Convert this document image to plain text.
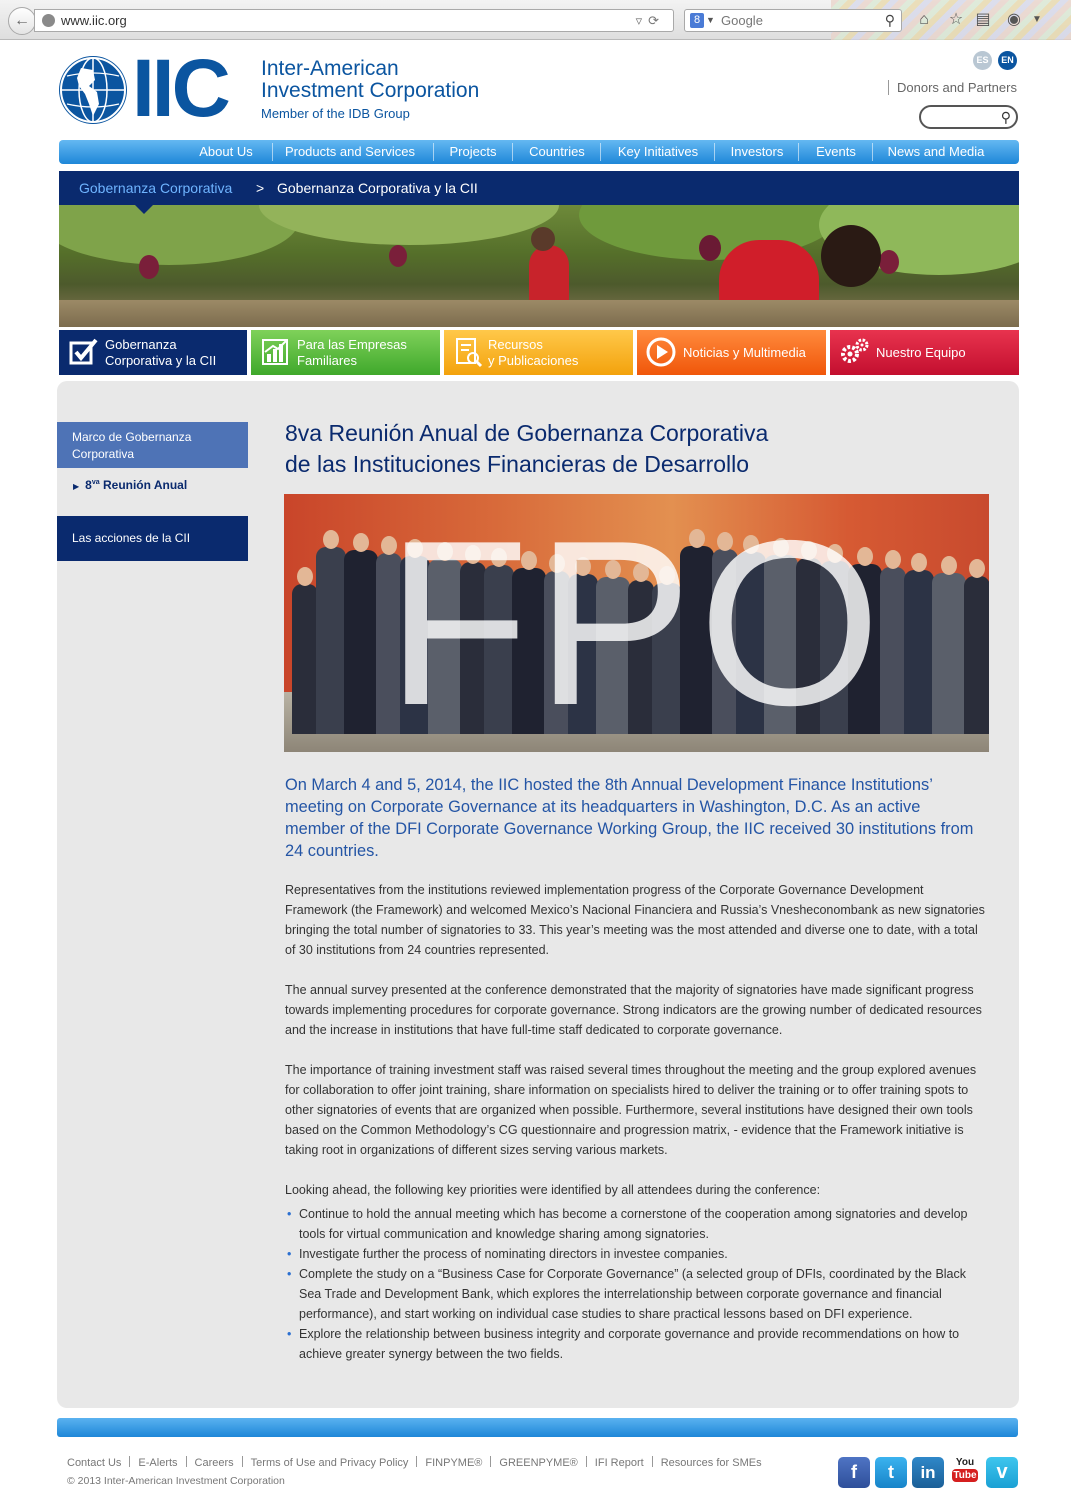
←	www.iic.org	▿⟳	8 ▼ Google	⚲	⌂	☆ ▤ ◉	▼
IIC Inter-American
Investment Corporation
Member of the IDB Group
ES	EN
Donors and Partners
⚲
About Us	Products and Services	Projects	Countries	Key Initiatives	Investors	Events	News and Media
Gobernanza Corporativa > Gobernanza Corporativa y la CII
Gobernanza
Corporativa y la CII
Para las Empresas
Familiares
Recursos
y Publicaciones
Noticias y Multimedia	Nuestro Equipo
Marco de Gobernanza Corporativa
▶ $8^{va}$ Reunión Anual
Las acciones de la CII
8va Reunión Anual de Gobernanza Corporativa
de las Instituciones Financieras de Desarrollo
FPO
On March 4 and 5, 2014, the IIC hosted the 8th Annual Development Finance Institutions’ meeting on Corporate Governance at its headquarters in Washington, D.C. As an active member of the DFI Corporate Governance Working Group, the IIC received 30 institutions from 24 countries.
Representatives from the institutions reviewed implementation progress of the Corporate Governance Development Framework (the Framework) and welcomed Mexico’s Nacional Financiera and Russia’s Vnesheconombank as new signatories bringing the total number of signatories to 33. This year’s meeting was the most attended and diverse one to date, with a total of 30 institutions from 24 countries represented.
The annual survey presented at the conference demonstrated that the majority of signatories have made significant progress towards implementing procedures for corporate governance. Strong indicators are the growing number of dedicated resources and the increase in institutions that have full-time staff dedicated to corporate governance.
The importance of training investment staff was raised several times throughout the meeting and the group explored avenues for collaboration to offer joint training, share information on specialists hired to deliver the training or to offer training spots to other signatories of events that are organized when possible. Furthermore, several institutions have designed their own tools based on the Common Methodology’s CG questionnaire and progression matrix, - evidence that the Framework initiative is taking root in organizations of different sizes serving various markets.
Looking ahead, the following key priorities were identified by all attendees during the conference:
• Continue to hold the annual meeting which has become a cornerstone of the cooperation among signatories and develop tools for virtual communication and knowledge sharing among signatories.
• Investigate further the process of nominating directors in investee companies.
• Complete the study on a “Business Case for Corporate Governance” (a selected group of DFIs, coordinated by the Black Sea Trade and Development Bank, which explores the interrelationship between corporate governance and financial performance), and start working on individual case studies to share practical lessons based on DFI experience.
• Explore the relationship between business integrity and corporate governance and provide recommendations on how to achieve greater synergy between the two fields.
Contact Us E-Alerts Careers Terms of Use and Privacy Policy FINPYME® GREENPYME® IFI Report Resources for SMEs
© 2013 Inter-American Investment Corporation	f	t	in
You
Tube v
